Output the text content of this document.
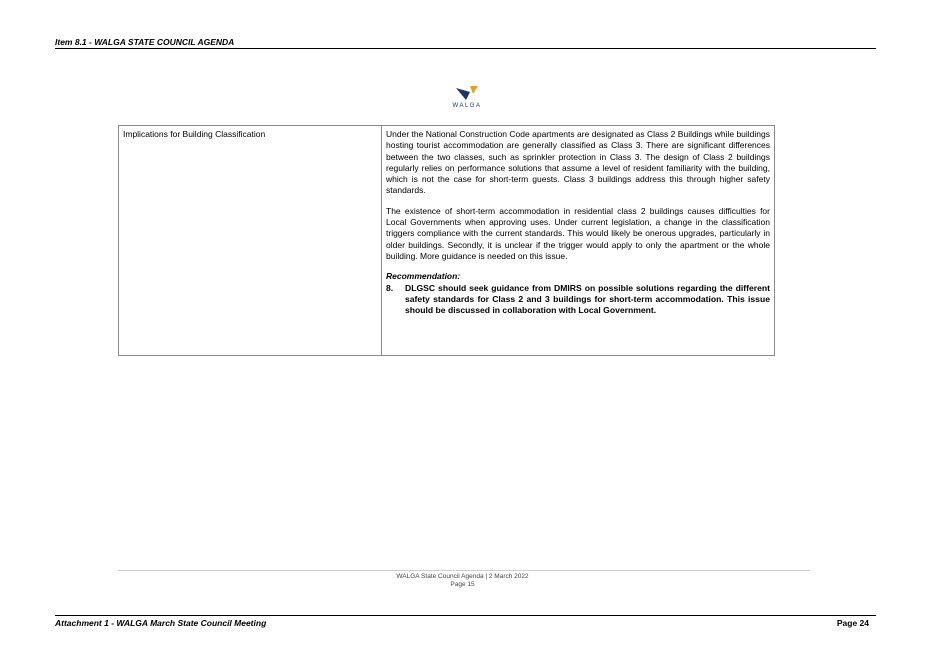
Item 8.1 - WALGA STATE COUNCIL AGENDA
WALGA
Implications for Building Classification	Under the National Construction Code apartments are designated as Class 2 Buildings while buildings hosting tourist accommodation are generally classified as Class 3. There are significant differences between the two classes, such as sprinkler protection in Class 3. The design of Class 2 buildings regularly relies on performance solutions that assume a level of resident familiarity with the building, which is not the case for short-term guests. Class 3 buildings address this through higher safety standards.

The existence of short-term accommodation in residential class 2 buildings causes difficulties for Local Governments when approving uses. Under current legislation, a change in the classification triggers compliance with the current standards. This would likely be onerous upgrades, particularly in older buildings. Secondly, it is unclear if the trigger would apply to only the apartment or the whole building. More guidance is needed on this issue.

Recommendation:
8.	DLGSC should seek guidance from DMIRS on possible solutions regarding the different safety standards for Class 2 and 3 buildings for short-term accommodation. This issue should be discussed in collaboration with Local Government.
WALGA State Council Agenda | 2 March 2022
Page 15
Attachment 1 - WALGA March State Council Meeting	Page 24
